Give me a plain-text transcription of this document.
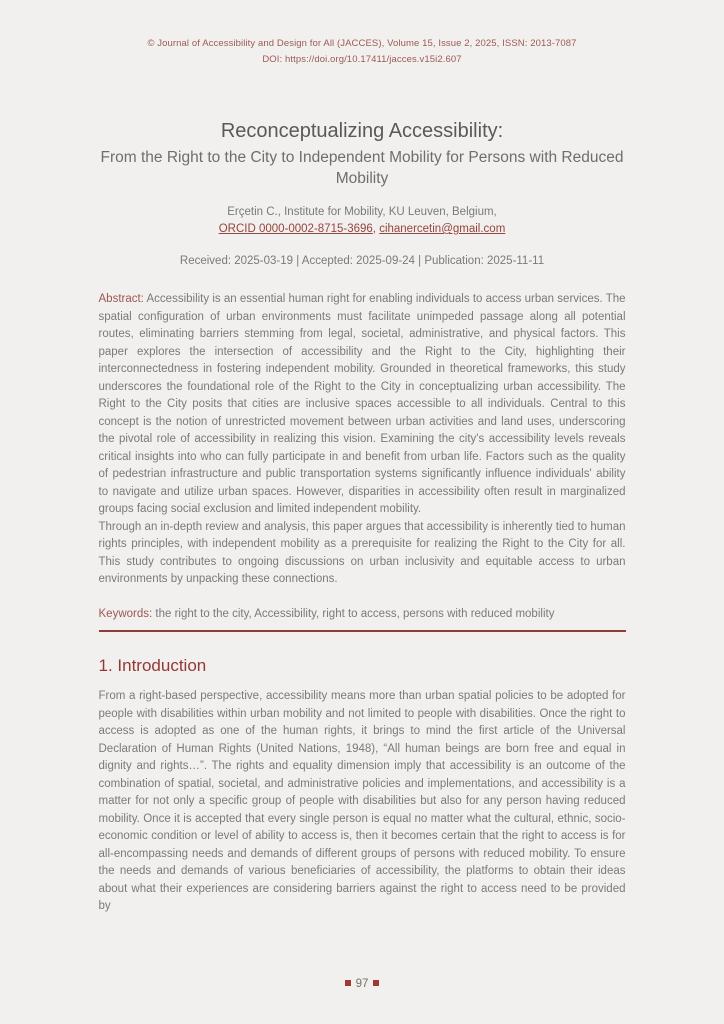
© Journal of Accessibility and Design for All (JACCES), Volume 15, Issue 2, 2025, ISSN: 2013-7087
DOI: https://doi.org/10.17411/jacces.v15i2.607
Reconceptualizing Accessibility:
From the Right to the City to Independent Mobility for Persons with Reduced Mobility
Erçetin C., Institute for Mobility, KU Leuven, Belgium,
ORCID 0000-0002-8715-3696, cihanercetin@gmail.com
Received: 2025-03-19 | Accepted: 2025-09-24 | Publication: 2025-11-11
Abstract: Accessibility is an essential human right for enabling individuals to access urban services. The spatial configuration of urban environments must facilitate unimpeded passage along all potential routes, eliminating barriers stemming from legal, societal, administrative, and physical factors. This paper explores the intersection of accessibility and the Right to the City, highlighting their interconnectedness in fostering independent mobility. Grounded in theoretical frameworks, this study underscores the foundational role of the Right to the City in conceptualizing urban accessibility. The Right to the City posits that cities are inclusive spaces accessible to all individuals. Central to this concept is the notion of unrestricted movement between urban activities and land uses, underscoring the pivotal role of accessibility in realizing this vision. Examining the city's accessibility levels reveals critical insights into who can fully participate in and benefit from urban life. Factors such as the quality of pedestrian infrastructure and public transportation systems significantly influence individuals' ability to navigate and utilize urban spaces. However, disparities in accessibility often result in marginalized groups facing social exclusion and limited independent mobility.
Through an in-depth review and analysis, this paper argues that accessibility is inherently tied to human rights principles, with independent mobility as a prerequisite for realizing the Right to the City for all. This study contributes to ongoing discussions on urban inclusivity and equitable access to urban environments by unpacking these connections.
Keywords: the right to the city, Accessibility, right to access, persons with reduced mobility
1. Introduction
From a right-based perspective, accessibility means more than urban spatial policies to be adopted for people with disabilities within urban mobility and not limited to people with disabilities. Once the right to access is adopted as one of the human rights, it brings to mind the first article of the Universal Declaration of Human Rights (United Nations, 1948), “All human beings are born free and equal in dignity and rights…”. The rights and equality dimension imply that accessibility is an outcome of the combination of spatial, societal, and administrative policies and implementations, and accessibility is a matter for not only a specific group of people with disabilities but also for any person having reduced mobility. Once it is accepted that every single person is equal no matter what the cultural, ethnic, socio-economic condition or level of ability to access is, then it becomes certain that the right to access is for all-encompassing needs and demands of different groups of persons with reduced mobility. To ensure the needs and demands of various beneficiaries of accessibility, the platforms to obtain their ideas about what their experiences are considering barriers against the right to access need to be provided by
97
